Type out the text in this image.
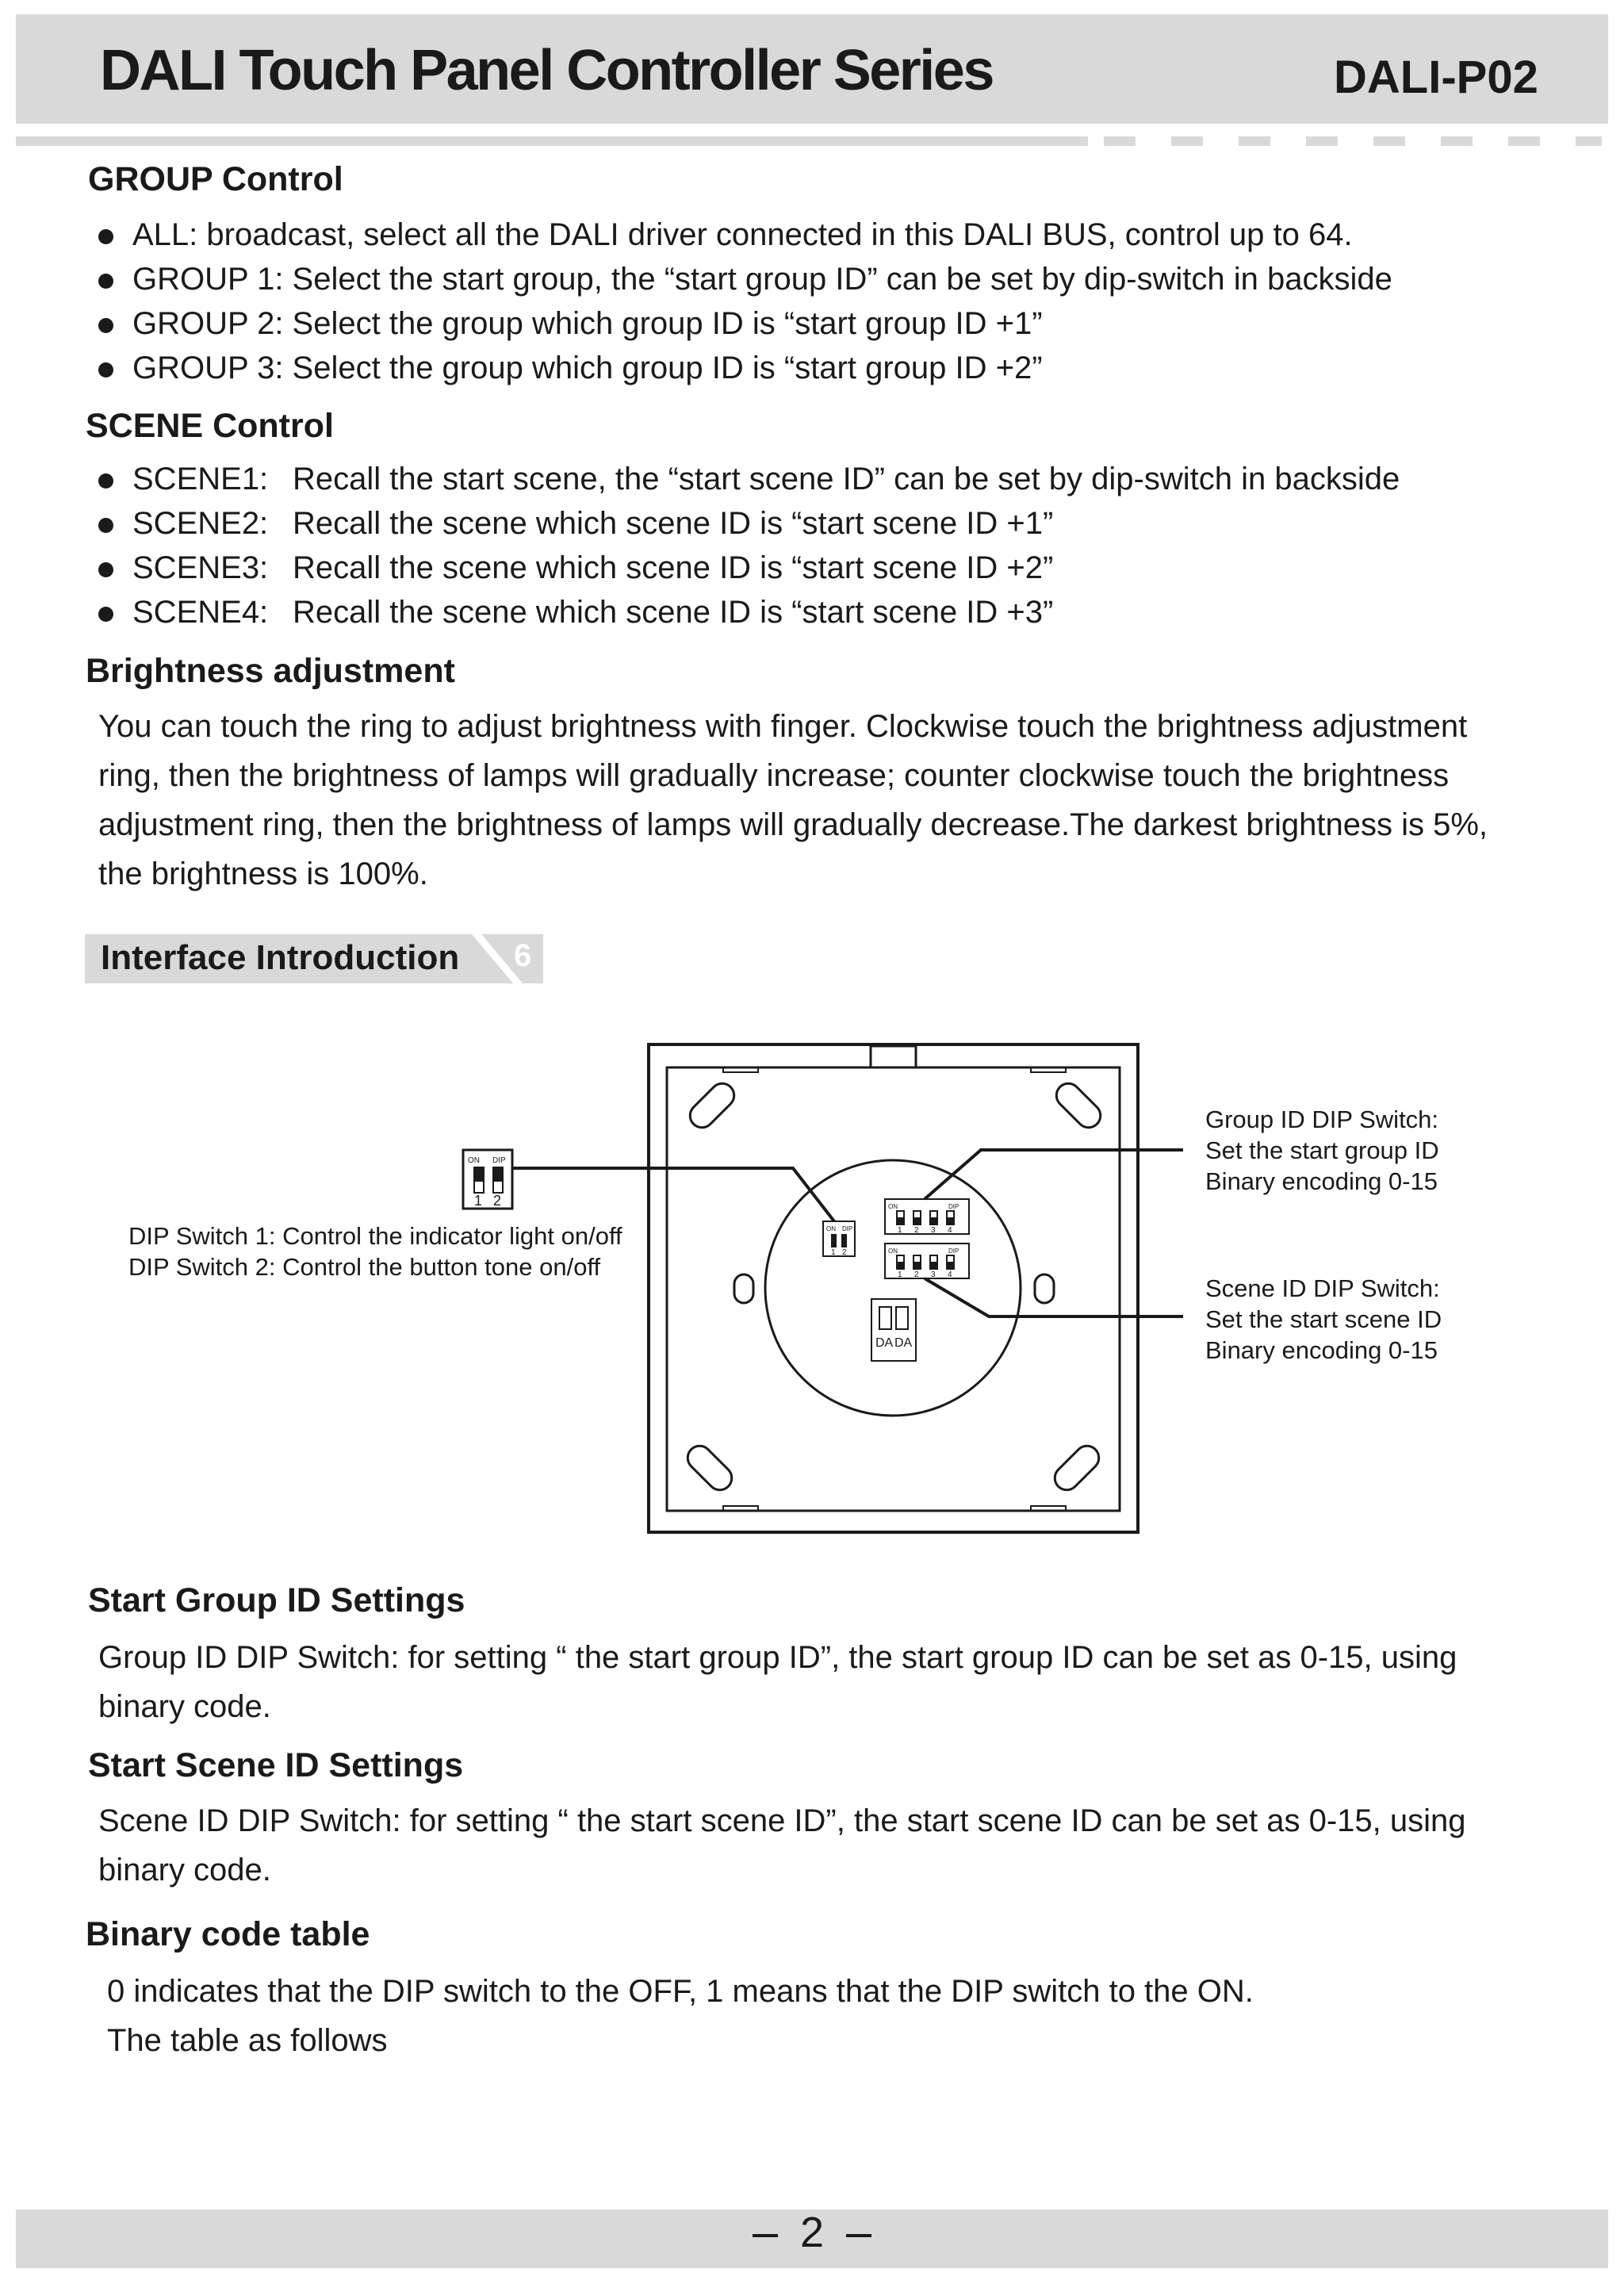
DALI Touch Panel Controller Series	DALI-P02
GROUP Control
ALL: broadcast, select all the DALI driver connected in this DALI BUS, control up to 64.
GROUP 1: Select the start group, the “start group ID” can be set by dip-switch in backside
GROUP 2: Select the group which group ID is “start group ID +1”
GROUP 3: Select the group which group ID is “start group ID +2”
SCENE Control
SCENE1: Recall the start scene, the “start scene ID” can be set by dip-switch in backside
SCENE2: Recall the scene which scene ID is “start scene ID +1”
SCENE3: Recall the scene which scene ID is “start scene ID +2”
SCENE4: Recall the scene which scene ID is “start scene ID +3”
Brightness adjustment
You can touch the ring to adjust brightness with finger. Clockwise touch the brightness adjustment
ring, then the brightness of lamps will gradually increase; counter clockwise touch the brightness
adjustment ring, then the brightness of lamps will gradually decrease.The darkest brightness is 5%,
the brightness is 100%.
Interface Introduction 6
ON DIP
1 2
ON DIP
1 2
ON	DIP
1 2 3 4
ON	DIP
1 2 3 4
DA DA
DIP Switch 1: Control the indicator light on/off
DIP Switch 2: Control the button tone on/off
Group ID DIP Switch:
Set the start group ID
Binary encoding 0-15
Scene ID DIP Switch:
Set the start scene ID
Binary encoding 0-15
Start Group ID Settings
Group ID DIP Switch: for setting “ the start group ID”, the start group ID can be set as 0-15, using
binary code.
Start Scene ID Settings
Scene ID DIP Switch: for setting “ the start scene ID”, the start scene ID can be set as 0-15, using
binary code.
Binary code table
0 indicates that the DIP switch to the OFF, 1 means that the DIP switch to the ON.
The table as follows
2
